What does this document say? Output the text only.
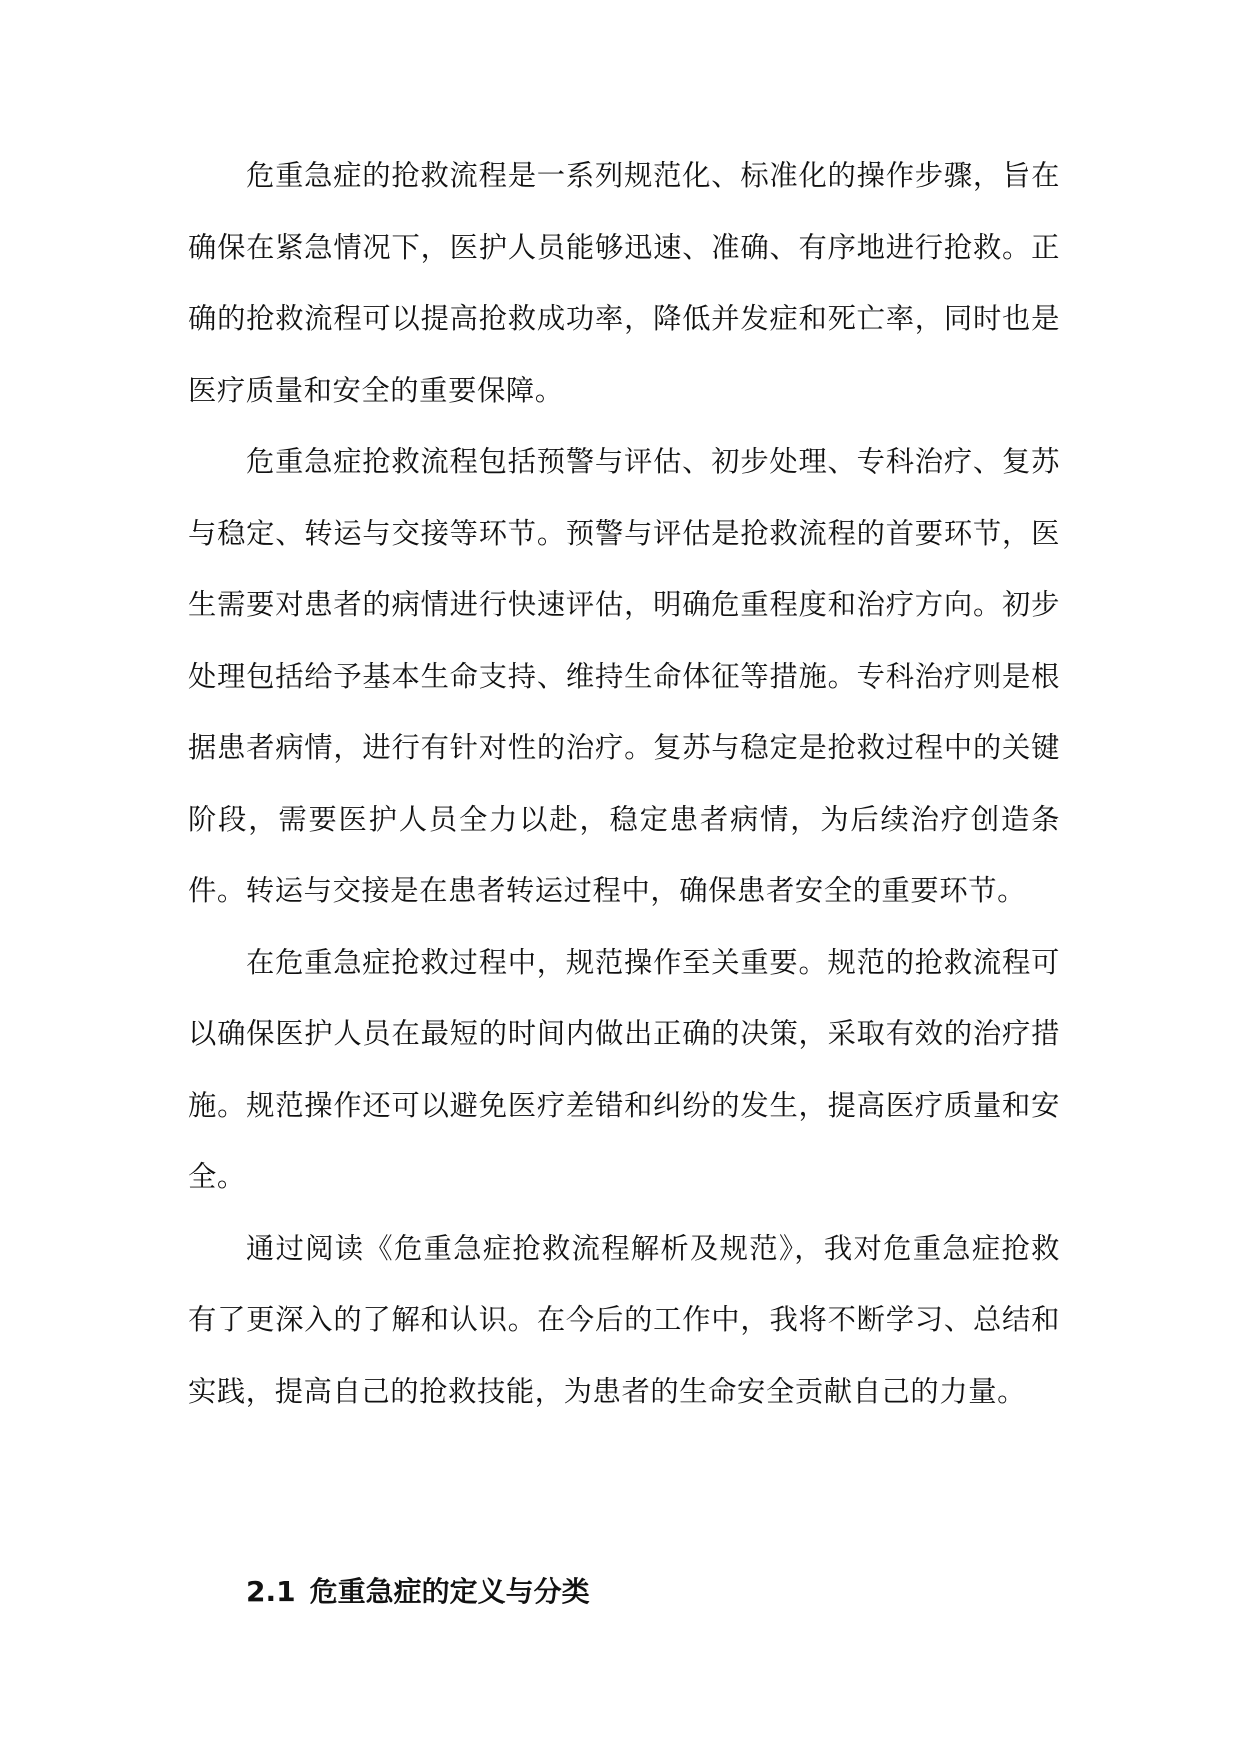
危重急症的抢救流程是一系列规范化、标准化的操作步骤，旨在确保在紧急情况下，医护人员能够迅速、准确、有序地进行抢救。正确的抢救流程可以提高抢救成功率，降低并发症和死亡率，同时也是医疗质量和安全的重要保障。

危重急症抢救流程包括预警与评估、初步处理、专科治疗、复苏与稳定、转运与交接等环节。预警与评估是抢救流程的首要环节，医生需要对患者的病情进行快速评估，明确危重程度和治疗方向。初步处理包括给予基本生命支持、维持生命体征等措施。专科治疗则是根据患者病情，进行有针对性的治疗。复苏与稳定是抢救过程中的关键阶段，需要医护人员全力以赴，稳定患者病情，为后续治疗创造条件。转运与交接是在患者转运过程中，确保患者安全的重要环节。

在危重急症抢救过程中，规范操作至关重要。规范的抢救流程可以确保医护人员在最短的时间内做出正确的决策，采取有效的治疗措施。规范操作还可以避免医疗差错和纠纷的发生，提高医疗质量和安全。

通过阅读《危重急症抢救流程解析及规范》，我对危重急症抢救有了更深入的了解和认识。在今后的工作中，我将不断学习、总结和实践，提高自己的抢救技能，为患者的生命安全贡献自己的力量。

2.1 危重急症的定义与分类
